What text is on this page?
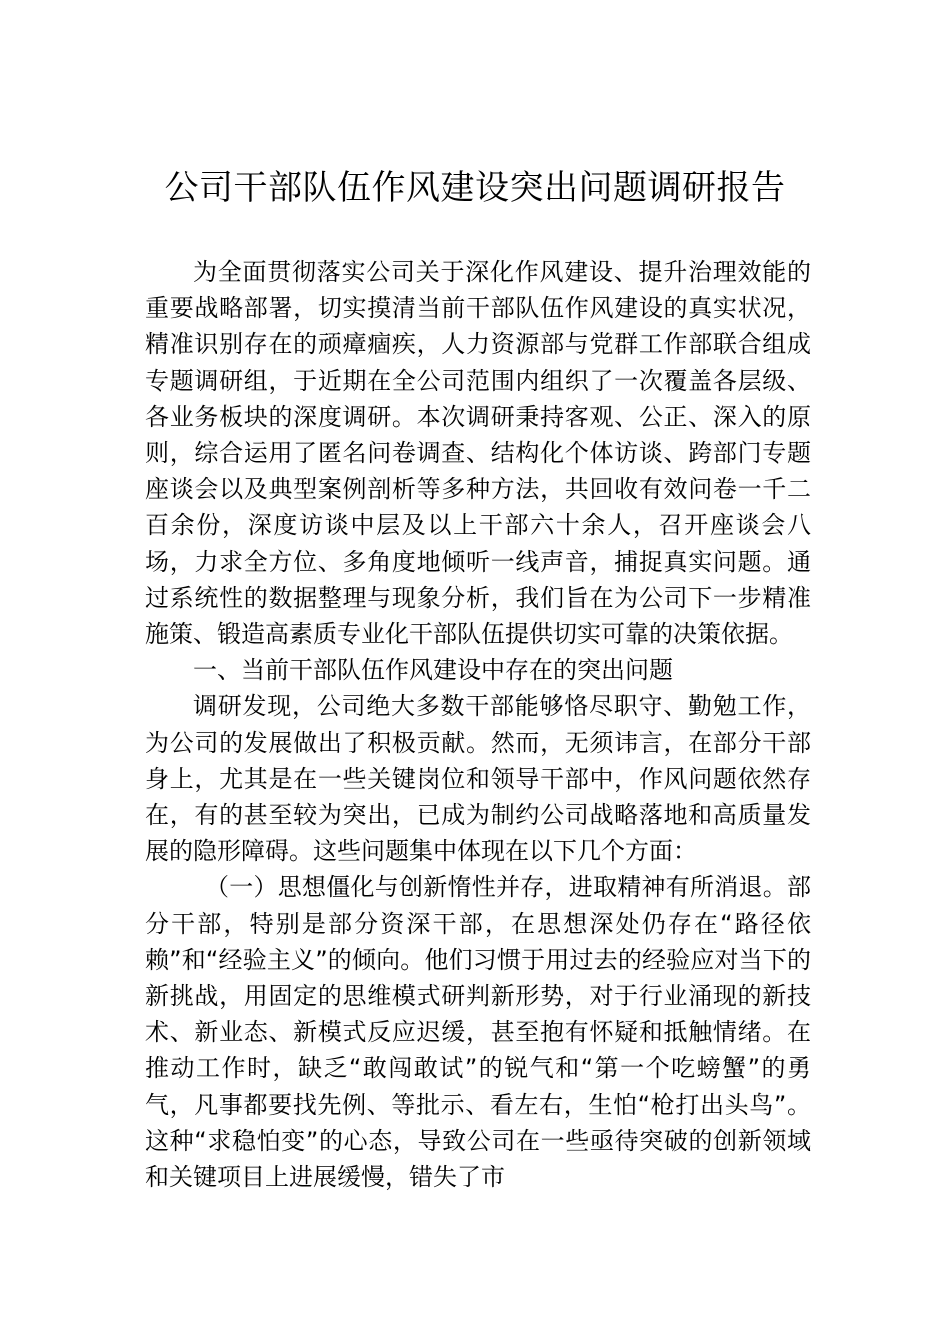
公司干部队伍作风建设突出问题调研报告

为全面贯彻落实公司关于深化作风建设、提升治理效能的重要战略部署，切实摸清当前干部队伍作风建设的真实状况，精准识别存在的顽瘴痼疾，人力资源部与党群工作部联合组成专题调研组，于近期在全公司范围内组织了一次覆盖各层级、各业务板块的深度调研。本次调研秉持客观、公正、深入的原则，综合运用了匿名问卷调查、结构化个体访谈、跨部门专题座谈会以及典型案例剖析等多种方法，共回收有效问卷一千二百余份，深度访谈中层及以上干部六十余人，召开座谈会八场，力求全方位、多角度地倾听一线声音，捕捉真实问题。通过系统性的数据整理与现象分析，我们旨在为公司下一步精准施策、锻造高素质专业化干部队伍提供切实可靠的决策依据。

一、当前干部队伍作风建设中存在的突出问题

调研发现，公司绝大多数干部能够恪尽职守、勤勉工作，为公司的发展做出了积极贡献。然而，无须讳言，在部分干部身上，尤其是在一些关键岗位和领导干部中，作风问题依然存在，有的甚至较为突出，已成为制约公司战略落地和高质量发展的隐形障碍。这些问题集中体现在以下几个方面：

（一）思想僵化与创新惰性并存，进取精神有所消退。部分干部，特别是部分资深干部，在思想深处仍存在“路径依赖”和“经验主义”的倾向。他们习惯于用过去的经验应对当下的新挑战，用固定的思维模式研判新形势，对于行业涌现的新技术、新业态、新模式反应迟缓，甚至抱有怀疑和抵触情绪。在推动工作时，缺乏“敢闯敢试”的锐气和“第一个吃螃蟹”的勇气，凡事都要找先例、等批示、看左右，生怕“枪打出头鸟”。这种“求稳怕变”的心态，导致公司在一些亟待突破的创新领域和关键项目上进展缓慢，错失了市
